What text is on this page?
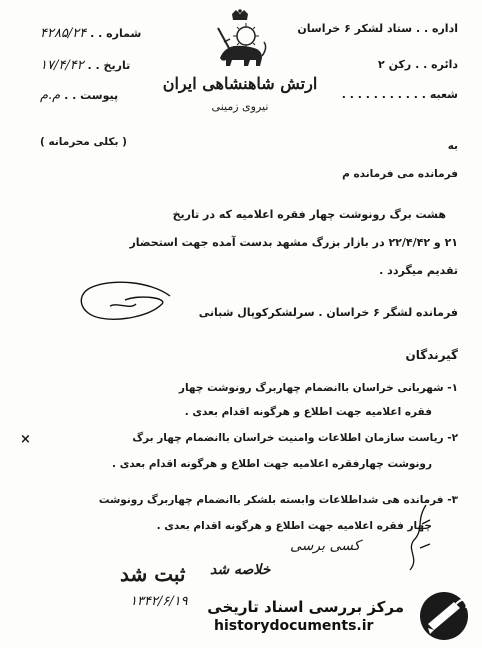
اداره . . ستاد لشکر ۶ خراسان
دائره . . رکن ۲
شعبه . . . . . . . . . . .
شماره . . ۴۲۸۵/۲۴
تاریخ . . ۱۷/۴/۴۲
پیوست . . م.م
ارتش شاهنشاهی ایران
نیروی زمینی
( بکلی محرمانه )	به
فرمانده می فرمانده م
هشت برگ رونوشت چهار فقره اعلامیه که در تاریخ
۲۱ و ۲۲/۴/۴۲ در بازار بزرگ مشهد بدست آمده جهت استحضار
تقدیم میگردد .
فرمانده لشگر ۶ خراسان . سرلشکرکوپال شبانی
گیرندگان
۱- شهربانی خراسان باانضمام چهاربرگ رونوشت چهار
فقره اعلامیه جهت اطلاع و هرگونه اقدام بعدی .
×	۲- ریاست سازمان اطلاعات وامنیت خراسان باانضمام چهار برگ
رونوشت چهارفقره اعلامیه جهت اطلاع و هرگونه اقدام بعدی .
۳- فرمانده هی شداطلاعات وابسته بلشکر باانضمام چهاربرگ رونوشت
چهار فقره اعلامیه جهت اطلاع و هرگونه اقدام بعدی .
کسی برسی
ثبت شد خلاصه شد
۱۳۴۲/۶/۱۹ مرکز بررسی اسناد تاریخی
historydocuments.ir
